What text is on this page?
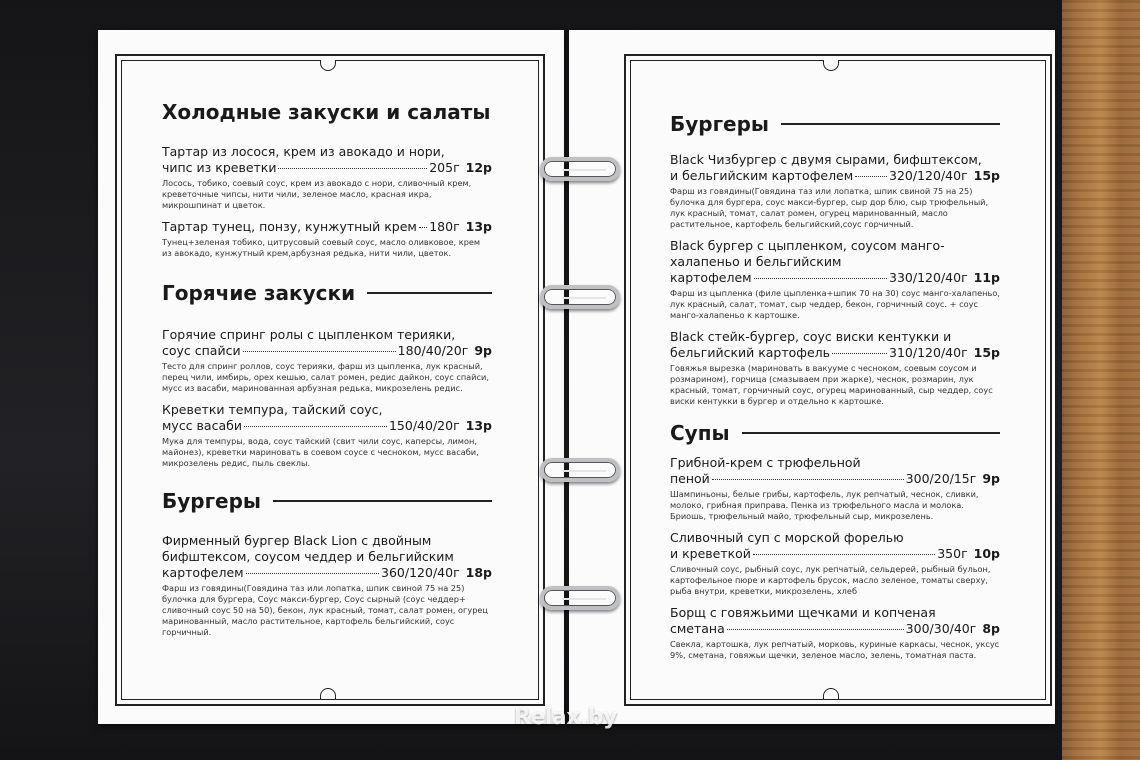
Холодные закуски и салаты
Тартар из лосося, крем из авокадо и нори,
чипс из креветки	205г 12р
Лосось, тобико, соевый соус, крем из авокадо с нори, сливочный крем, креветочные чипсы, нити чили, зеленое масло, красная икра, микрошпинат и цветок.
Тартар тунец, понзу, кунжутный крем 180г 13р
Тунец+зеленая тобико, цитрусовый соевый соус, масло оливковое, крем из авокадо, кунжутный крем,арбузная редька, нити чили, цветок.
Горячие закуски
Горячие спринг ролы с цыпленком терияки,
соус спайси	180/40/20г 9р
Тесто для спринг роллов, соус терияки, фарш из цыпленка, лук красный, перец чили, имбирь, орех кешью, салат ромен, редис дайкон, соус спайси, мусс из васаби, маринованная арбузная редька, микрозелень редис.
Креветки темпура, тайский соус,
мусс васаби	150/40/20г 13р
Мука для темпуры, вода, соус тайский (свит чили соус, каперсы, лимон, майонез), креветки мариновать в соевом соусе с чесноком, мусс васаби, микрозелень редис, пыль свеклы.
Бургеры
Фирменный бургер Black Lion с двойным
бифштексом, соусом чеддер и бельгийским
картофелем	360/120/40г 18р
Фарш из говядины(Говядина таз или лопатка, шпик свиной 75 на 25) булочка для бургера, Соус макси-бургер, Соус сырный (соус чеддер+ сливочный соус 50 на 50), бекон, лук красный, томат, салат ромен, огурец маринованный, масло растительное, картофель бельгийский, соус горчичный.
Бургеры
Black Чизбургер с двумя сырами, бифштексом,
и бельгийским картофелем	320/120/40г 15р
Фарш из говядины(Говядина таз или лопатка, шпик свиной 75 на 25) булочка для бургера, соус макси-бургер, сыр дор блю, сыр трюфельный, лук красный, томат, салат ромен, огурец маринованный, масло растительное, картофель бельгийский,соус горчичный.
Black бургер с цыпленком, соусом манго-
халапеньо и бельгийским
картофелем	330/120/40г 11р
Фарш из цыпленка (филе цыпленка+шпик 70 на 30) соус манго-халапеньо, лук красный, салат, томат, сыр чеддер, бекон, горчичный соус. + соус манго-халапеньо к картошке.
Black стейк-бургер, соус виски кентукки и
бельгийский картофель	310/120/40г 15р
Говяжья вырезка (мариновать в вакууме с чесноком, соевым соусом и розмарином), горчица (смазываем при жарке), чеснок, розмарин, лук красный, томат, горчичный соус, огурец маринованный, сыр чеддер, соус виски кентукки в бургер и отдельно к картошке.
Супы
Грибной-крем с трюфельной
пеной	300/20/15г 9р
Шампиньоны, белые грибы, картофель, лук репчатый, чеснок, сливки, молоко, грибная приправа. Пенка из трюфельного масла и молока. Бриошь, трюфельный майо, трюфельный сыр, микрозелень.
Сливочный суп с морской форелью
и креветкой	350г 10р
Сливочный соус, рыбный соус, лук репчатый, сельдерей, рыбный бульон, картофельное пюре и картофель брусок, масло зеленое, томаты сверху, рыба внутри, креветки, микрозелень, хлеб
Борщ с говяжьими щечками и копченая
сметана	300/30/40г 8р
Свекла, картошка, лук репчатый, морковь, куриные каркасы, чеснок, уксус 9%, сметана, говяжьи щечки, зеленое масло, зелень, томатная паста.
Relax.by
